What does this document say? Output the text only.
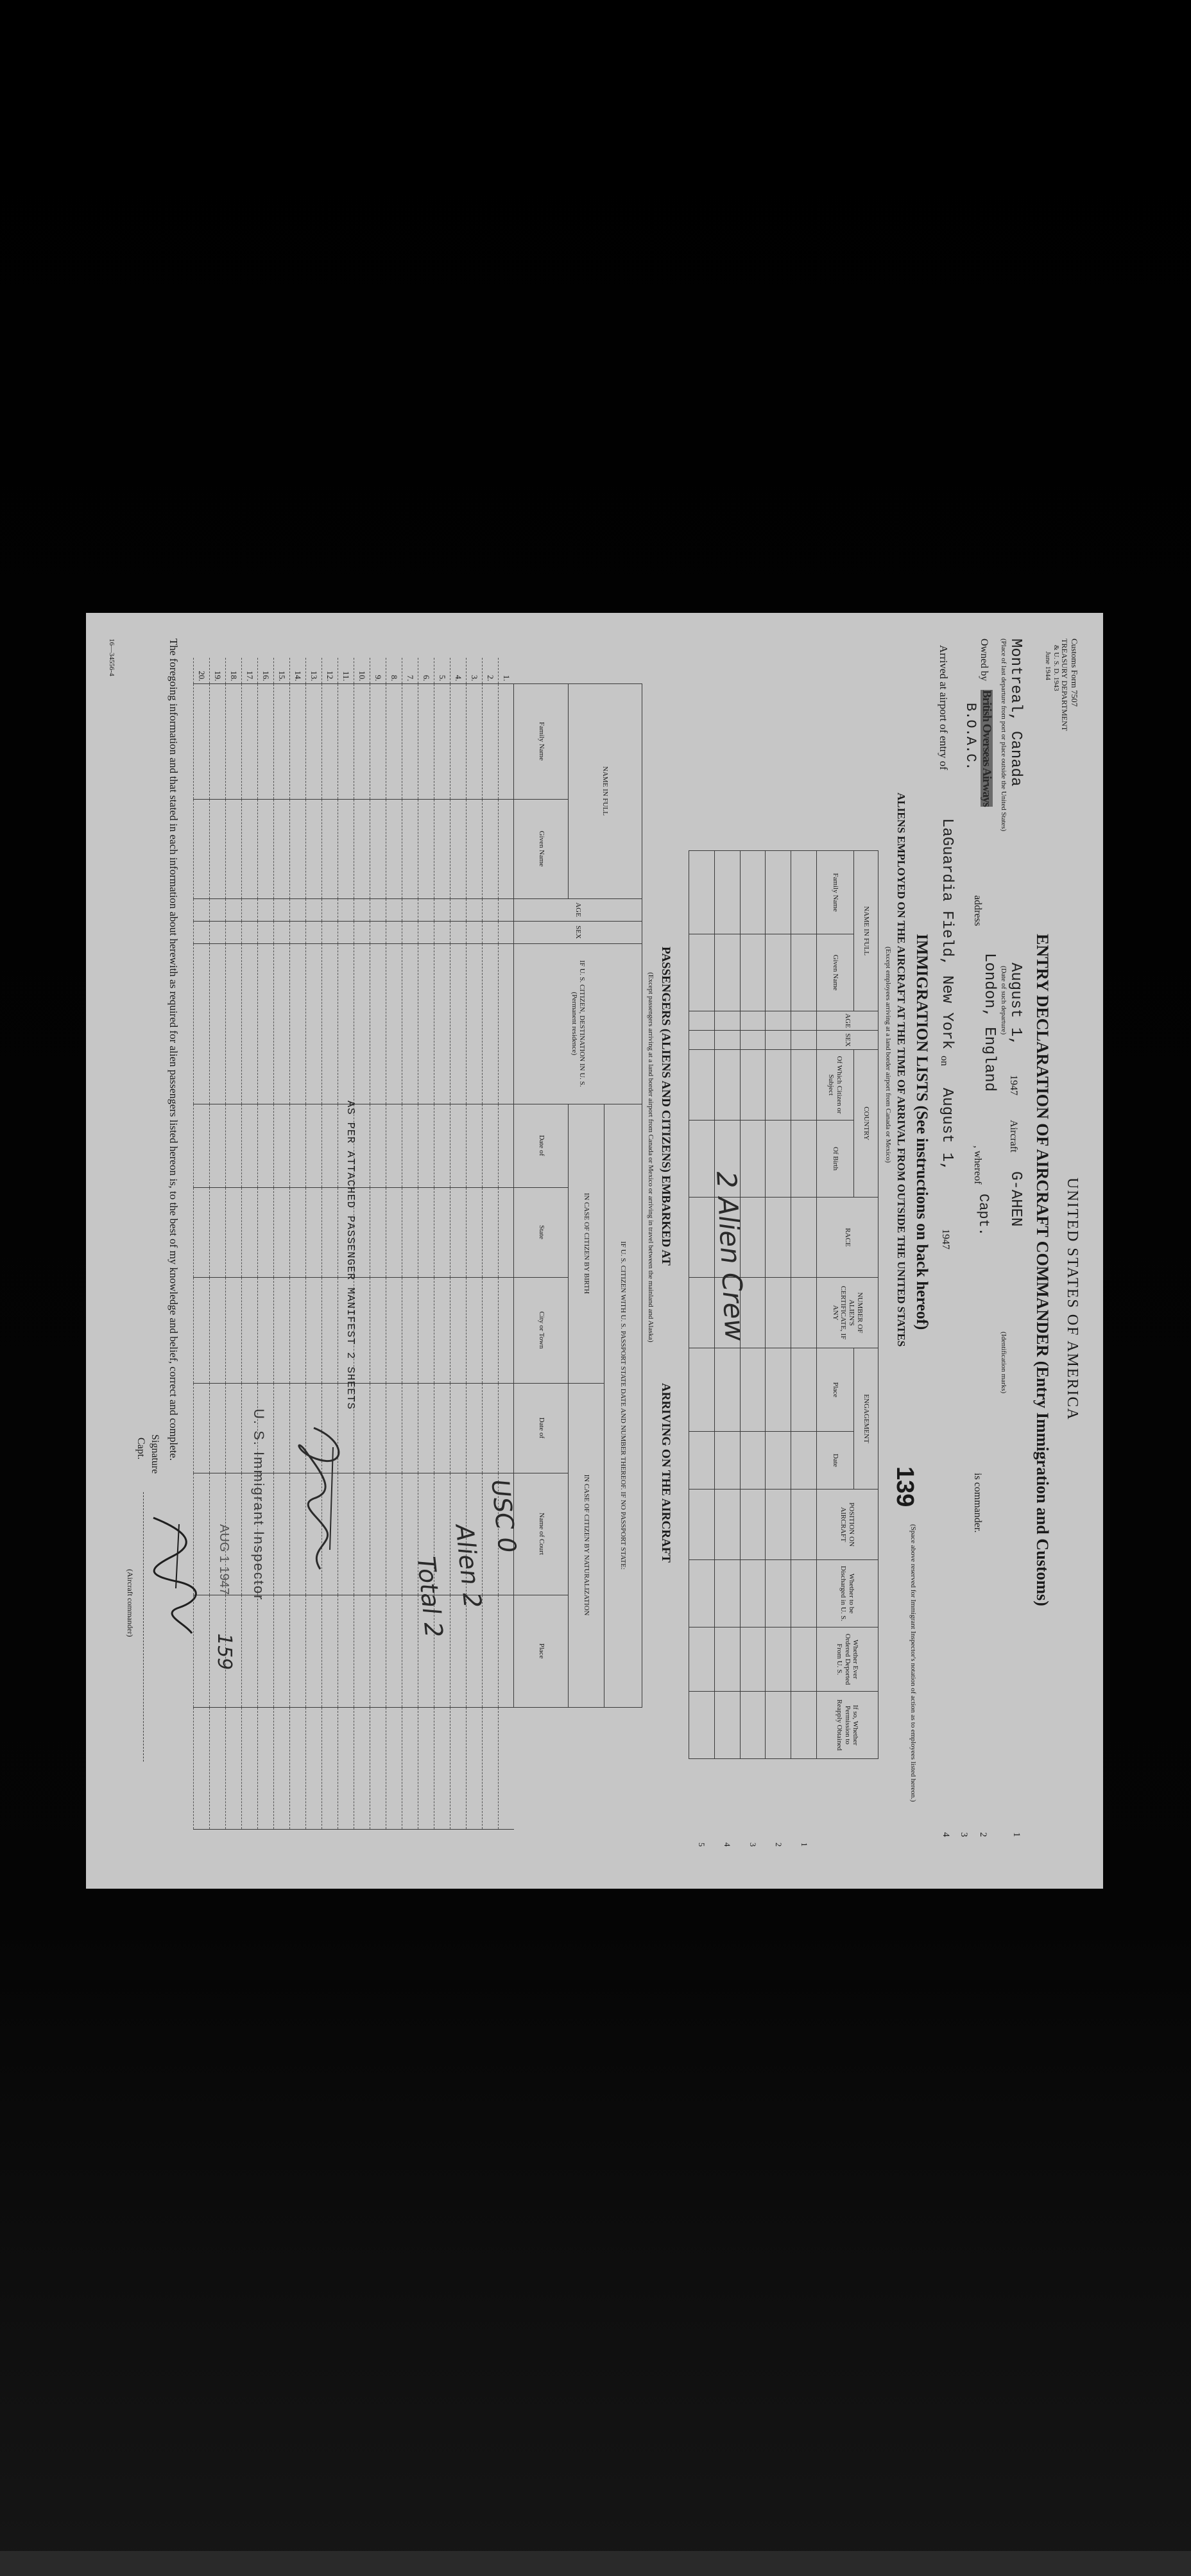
Customs Form 7507
TREASURY DEPARTMENT
& U. S. D. 1943
June 1944
UNITED STATES OF AMERICA
ENTRY DECLARATION OF AIRCRAFT COMMANDER (Entry Immigration and Customs)
Montreal, Canada
(Place of last departure from port or place outside the United States)
August 1,
(Date of such departure)
1947
Aircraft
G-AHEN
(Identification marks)
1
Owned by
British Overseas Airways
B.O.A.C.
address
London, England
, whereof
Capt.
is commander.
2
3
Arrived at airport of entry of
LaGuardia Field, New York
on
August 1,
1947
4
IMMIGRATION LISTS (See instructions on back hereof)
ALIENS EMPLOYED ON THE AIRCRAFT AT THE TIME OF ARRIVAL FROM OUTSIDE THE UNITED STATES
(Except employees arriving at a land border airport from Canada or Mexico)
139
(Space above reserved for Immigrant Inspector's notation of action as to employees listed hereon.)
NAME IN FULL		AGE	SEX	COUNTRY		RACE	NUMBER OF ALIEN'S CERTIFICATE, IF ANY	ENGAGEMENT		POSITION ON AIRCRAFT	Whether to be Discharged in U. S.	Whether Ever Ordered Deported From U. S.	If so, Whether Permission to Reapply Obtained		
Family Name	Given Name			Of Which Citizen or Subject	Of Birth			Place	Date						
															1
															2
															3
															4
															5
2 Alien Crew
PASSENGERS (ALIENS AND CITIZENS) EMBARKED AT
ARRIVING ON THE AIRCRAFT
(Except passengers arriving at a land border airport from Canada or Mexico or arriving in travel between the mainland and Alaska)
	NAME IN FULL		AGE	SEX	IF U. S. CITIZEN, DESTINATION IN U. S. (Permanent residence)	IF U. S. CITIZEN WITH U. S. PASSPORT STATE DATE AND NUMBER THEREOF. IF NO PASSPORT STATE:						
						IN CASE OF CITIZEN BY BIRTH			IN CASE OF CITIZEN BY NATURALIZATION			
	Family Name	Given Name				Date of	State	City or Town	Date of	Name of Court	Place	
1.												
2.												
3.												
4.												
5.												
6.												
7.												
8.												
9.												
10.												
11.												
12.												
13.												
14.												
15.												
16.												
17.												
18.												
19.												
20.												
AS PER ATTACHED PASSENGER MANIFEST 2 SHEETS
USC 0
Alien 2
Total 2
U. S. Immigrant Inspector
AUG 1 1947
159
The foregoing information and that stated in each information about herewith as required for alien passengers listed hereon is, to the best of my knowledge and belief, correct and complete.
Signature
Capt.
(Aircraft commander)
16—34556-4
